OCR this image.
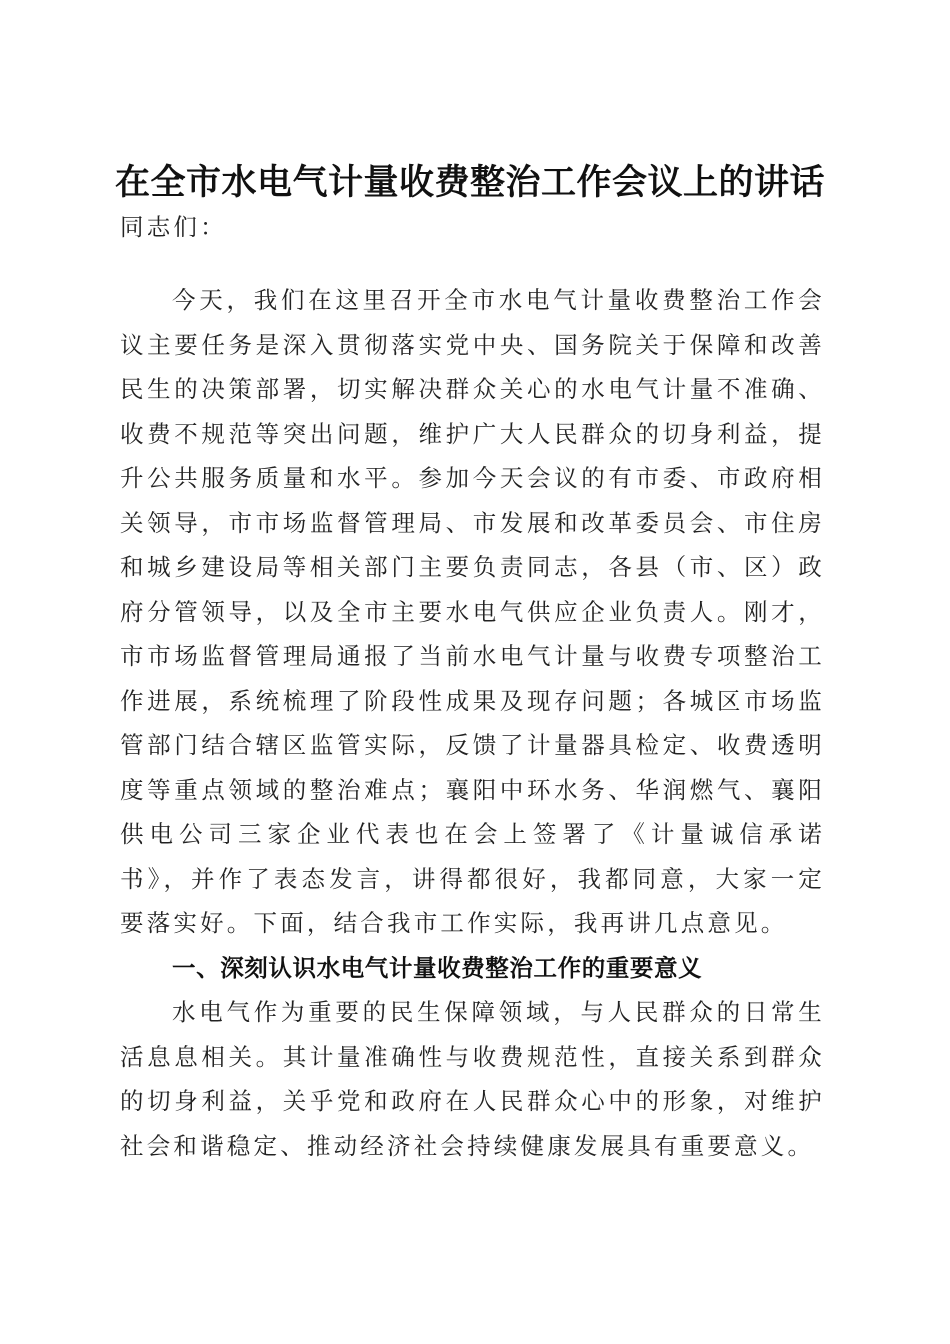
在全市水电气计量收费整治工作会议上的讲话

同志们：

今天，我们在这里召开全市水电气计量收费整治工作会议主要任务是深入贯彻落实党中央、国务院关于保障和改善民生的决策部署，切实解决群众关心的水电气计量不准确、收费不规范等突出问题，维护广大人民群众的切身利益，提升公共服务质量和水平。参加今天会议的有市委、市政府相关领导，市市场监督管理局、市发展和改革委员会、市住房和城乡建设局等相关部门主要负责同志，各县（市、区）政府分管领导，以及全市主要水电气供应企业负责人。刚才，市市场监督管理局通报了当前水电气计量与收费专项整治工作进展，系统梳理了阶段性成果及现存问题；各城区市场监管部门结合辖区监管实际，反馈了计量器具检定、收费透明度等重点领域的整治难点；襄阳中环水务、华润燃气、襄阳供电公司三家企业代表也在会上签署了《计量诚信承诺书》，并作了表态发言，讲得都很好，我都同意，大家一定要落实好。下面，结合我市工作实际，我再讲几点意见。

一、深刻认识水电气计量收费整治工作的重要意义

水电气作为重要的民生保障领域，与人民群众的日常生活息息相关。其计量准确性与收费规范性，直接关系到群众的切身利益，关乎党和政府在人民群众心中的形象，对维护社会和谐稳定、推动经济社会持续健康发展具有重要意义。
